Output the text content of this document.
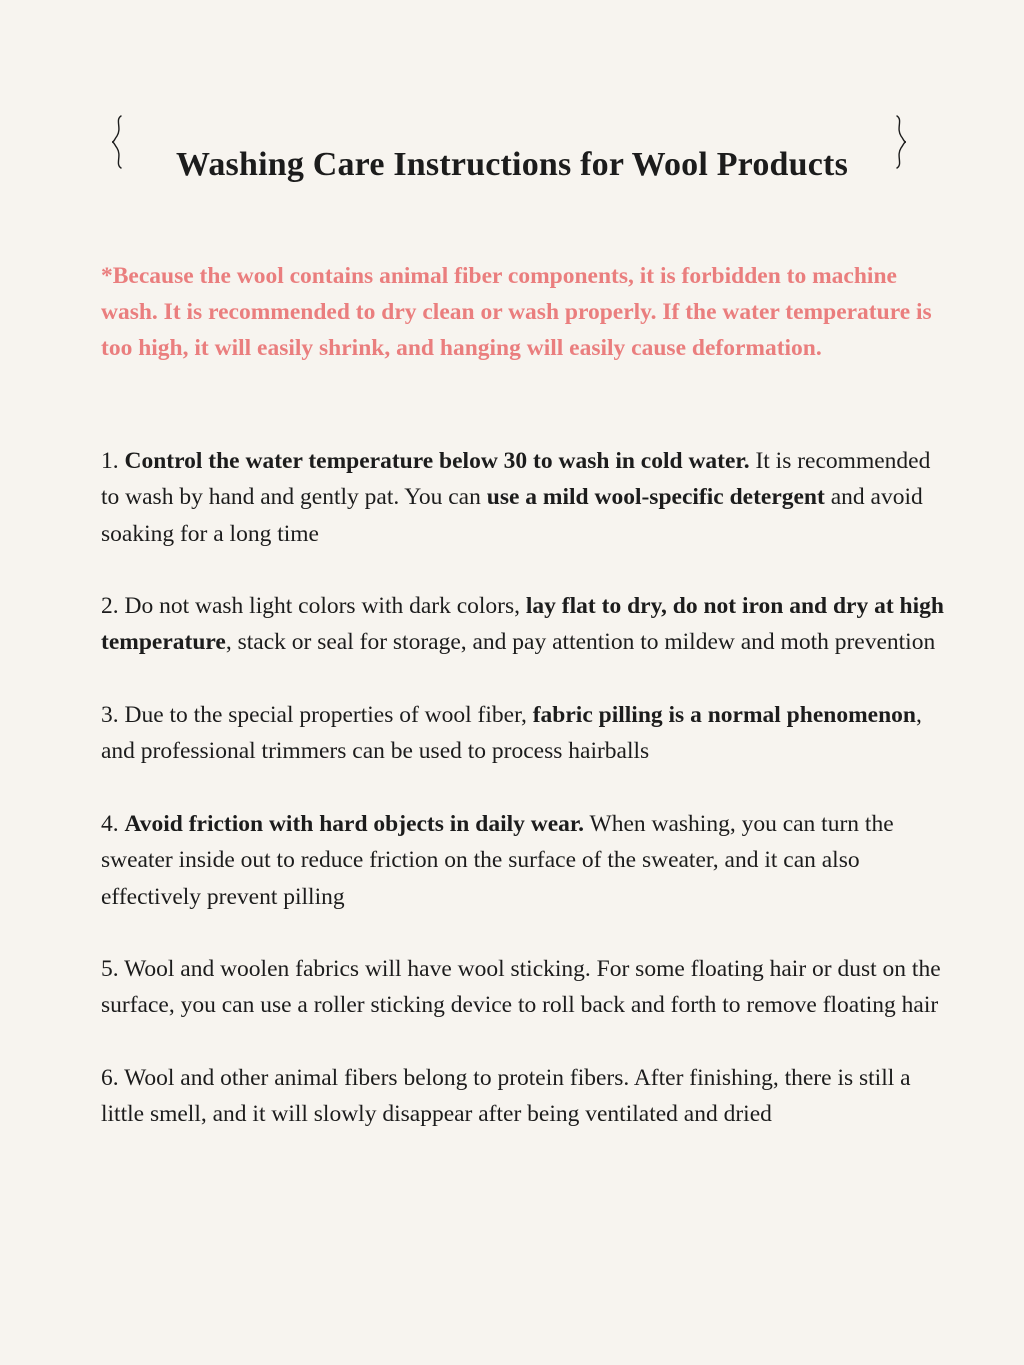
Washing Care Instructions for Wool Products

*Because the wool contains animal fiber components, it is forbidden to machine wash. It is recommended to dry clean or wash properly. If the water temperature is too high, it will easily shrink, and hanging will easily cause deformation.

1. Control the water temperature below 30 to wash in cold water. It is recommended to wash by hand and gently pat. You can use a mild wool-specific detergent and avoid soaking for a long time

2. Do not wash light colors with dark colors, lay flat to dry, do not iron and dry at high temperature, stack or seal for storage, and pay attention to mildew and moth prevention

3. Due to the special properties of wool fiber, fabric pilling is a normal phenomenon, and professional trimmers can be used to process hairballs

4. Avoid friction with hard objects in daily wear. When washing, you can turn the sweater inside out to reduce friction on the surface of the sweater, and it can also effectively prevent pilling

5. Wool and woolen fabrics will have wool sticking. For some floating hair or dust on the surface, you can use a roller sticking device to roll back and forth to remove floating hair

6. Wool and other animal fibers belong to protein fibers. After finishing, there is still a little smell, and it will slowly disappear after being ventilated and dried
